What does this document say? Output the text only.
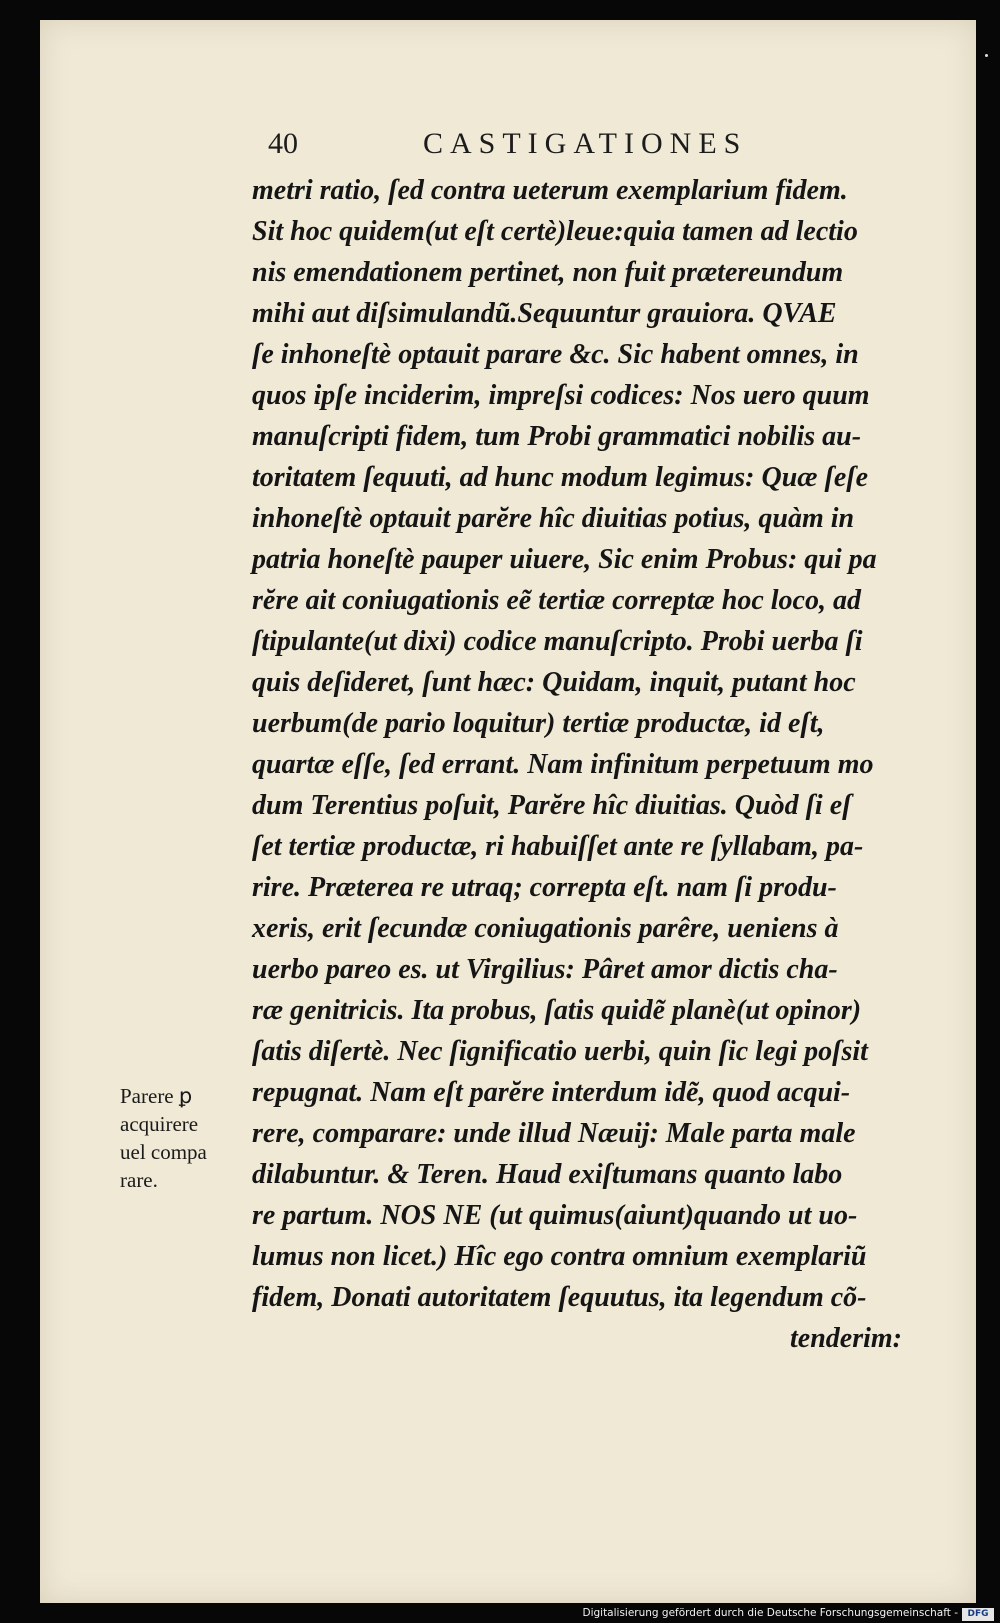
40	CASTIGATIONES
metri ratio, ſed contra ueterum exemplarium fidem.
Sit hoc quidem(ut eſt certè)leue:quia tamen ad lectio
nis emendationem pertinet, non fuit prætereundum
mihi aut diſsimulandũ.Sequuntur grauiora. QVAE
ſe inhoneſtè optauit parare &c. Sic habent omnes, in
quos ipſe inciderim, impreſsi codices: Nos uero quum
manuſcripti fidem, tum Probi grammatici nobilis au-
toritatem ſequuti, ad hunc modum legimus: Quæ ſeſe
inhoneſtè optauit parĕre hîc diuitias potius, quàm in
patria honeſtè pauper uiuere, Sic enim Probus: qui pa
rĕre ait coniugationis eẽ tertiæ correptæ hoc loco, ad
ſtipulante(ut dixi) codice manuſcripto. Probi uerba ſi
quis deſideret, ſunt hæc: Quidam, inquit, putant hoc
uerbum(de pario loquitur) tertiæ productæ, id eſt,
quartæ eſſe, ſed errant. Nam infinitum perpetuum mo
dum Terentius poſuit, Parĕre hîc diuitias. Quòd ſi eſ
ſet tertiæ productæ, ri habuiſſet ante re ſyllabam, pa-
rire. Præterea re utraq; correpta eſt. nam ſi produ-
xeris, erit ſecundæ coniugationis parêre, ueniens à
uerbo pareo es. ut Virgilius: Pâret amor dictis cha-
ræ genitricis. Ita probus, ſatis quidẽ planè(ut opinor)
ſatis diſertè. Nec ſignificatio uerbi, quin ſic legi poſsit
repugnat. Nam eſt parĕre interdum idẽ, quod acqui-
rere, comparare: unde illud Næuij: Male parta male
dilabuntur. & Teren. Haud exiſtumans quanto labo
re partum. NOS NE (ut quimus(aiunt)quando ut uo-
lumus non licet.) Hîc ego contra omnium exemplariũ
fidem, Donati autoritatem ſequutus, ita legendum cõ-
tenderim:
Parere ꝑ
acquirere
uel compa
rare.
Digitalisierung gefördert durch die Deutsche Forschungsgemeinschaft -	DFG
